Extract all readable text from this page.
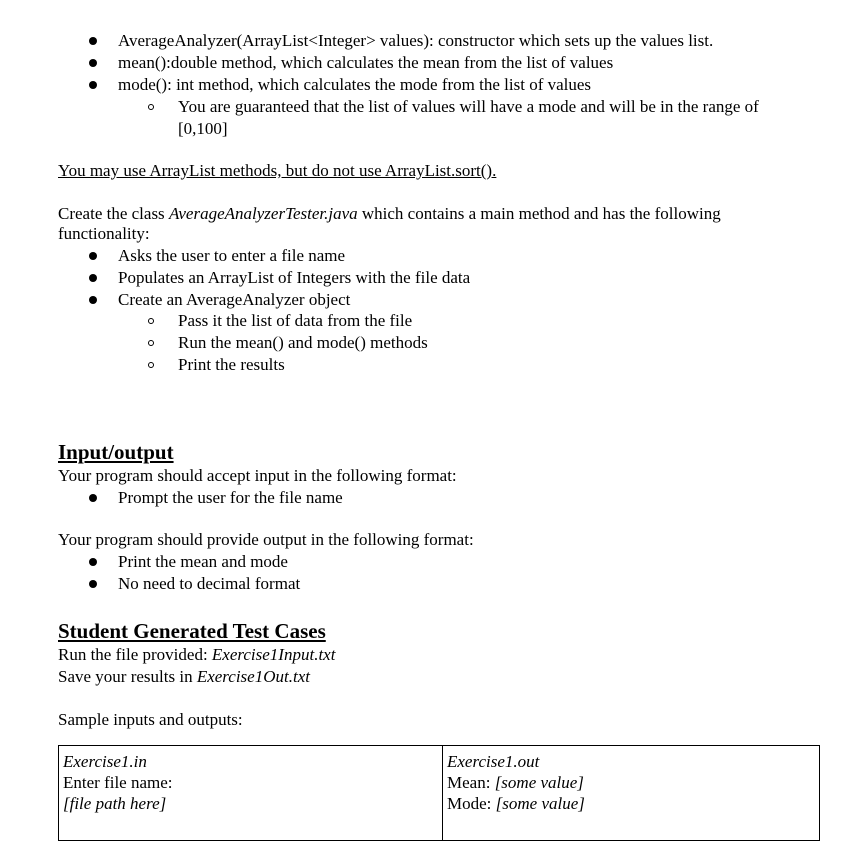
AverageAnalyzer(ArrayList<Integer> values): constructor which sets up the values list.
mean():double method, which calculates the mean from the list of values
mode(): int method, which calculates the mode from the list of values
You are guaranteed that the list of values will have a mode and will be in the range of
[0,100]
You may use ArrayList methods, but do not use ArrayList.sort().
Create the class AverageAnalyzerTester.java which contains a main method and has the following
functionality:
Asks the user to enter a file name
Populates an ArrayList of Integers with the file data
Create an AverageAnalyzer object
Pass it the list of data from the file
Run the mean() and mode() methods
Print the results
Input/output
Your program should accept input in the following format:
Prompt the user for the file name
Your program should provide output in the following format:
Print the mean and mode
No need to decimal format
Student Generated Test Cases
Run the file provided: Exercise1Input.txt
Save your results in Exercise1Out.txt
Sample inputs and outputs:
Exercise1.in
Enter file name:
[file path here]

Exercise1.out
Mean: [some value]
Mode: [some value]
